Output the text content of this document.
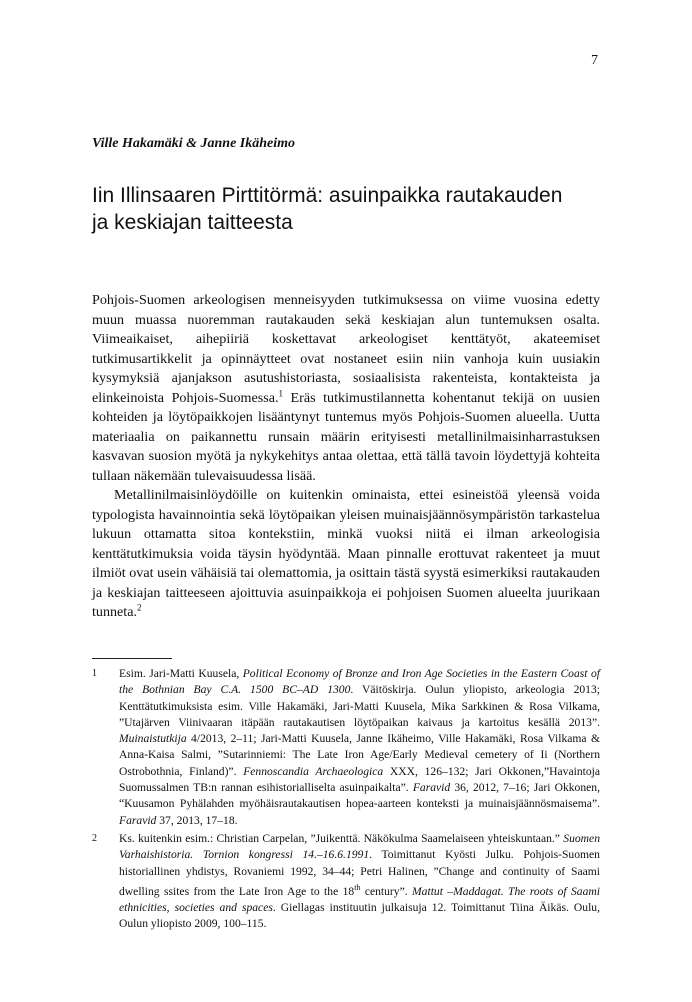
7
Ville Hakamäki & Janne Ikäheimo
Iin Illinsaaren Pirttitörmä: asuinpaikka rautakauden
ja keskiajan taitteesta

Pohjois-Suomen arkeologisen menneisyyden tutkimuksessa on viime vuosina edetty muun muassa nuoremman rautakauden sekä keskiajan alun tuntemuksen osalta. Viimeaikaiset, aihepiiriä koskettavat arkeologiset kenttätyöt, akateemiset tutkimusartikkelit ja opinnäytteet ovat nostaneet esiin niin vanhoja kuin uusiakin kysymyksiä ajanjakson asutushistoriasta, sosiaalisista rakenteista, kontakteista ja elinkeinoista Pohjois-Suomessa.$^1$ Eräs tutkimustilannetta kohentanut tekijä on uusien kohteiden ja löytöpaikkojen lisääntynyt tuntemus myös Pohjois-Suomen alueella. Uutta materiaalia on paikannettu runsain määrin erityisesti metallinilmaisinharrastuksen kasvavan suosion myötä ja nykykehitys antaa olettaa, että tällä tavoin löydettyjä kohteita tullaan näkemään tulevaisuudessa lisää.

Metallinilmaisinlöydöille on kuitenkin ominaista, ettei esineistöä yleensä voida typologista havainnointia sekä löytöpaikan yleisen muinaisjäännösympäristön tarkastelua lukuun ottamatta sitoa kontekstiin, minkä vuoksi niitä ei ilman arkeologisia kenttätutkimuksia voida täysin hyödyntää. Maan pinnalle erottuvat rakenteet ja muut ilmiöt ovat usein vähäisiä tai olemattomia, ja osittain tästä syystä esimerkiksi rautakauden ja keskiajan taitteeseen ajoittuvia asuinpaikkoja ei pohjoisen Suomen alueelta juurikaan tunneta.$^2$

1	Esim. Jari-Matti Kuusela, Political Economy of Bronze and Iron Age Societies in the Eastern Coast of the Bothnian Bay C.A. 1500 BC–AD 1300. Väitöskirja. Oulun yliopisto, arkeologia 2013; Kenttätutkimuksista esim. Ville Hakamäki, Jari-Matti Kuusela, Mika Sarkkinen & Rosa Vilkama, ”Utajärven Viinivaaran itäpään rautakautisen löytöpaikan kaivaus ja kartoitus kesällä 2013”. Muinaistutkija 4/2013, 2–11; Jari-Matti Kuusela, Janne Ikäheimo, Ville Hakamäki, Rosa Vilkama & Anna-Kaisa Salmi, ”Sutarinniemi: The Late Iron Age/Early Medieval cemetery of Ii (Northern Ostrobothnia, Finland)”. Fennoscandia Archaeologica XXX, 126–132; Jari Okkonen,”Havaintoja Suomussalmen TB:n rannan esihistorialliselta asuinpaikalta”. Faravid 36, 2012, 7–16; Jari Okkonen, “Kuusamon Pyhälahden myöhäisrautakautisen hopea-aarteen konteksti ja muinaisjäännösmaisema”. Faravid 37, 2013, 17–18.
2	Ks. kuitenkin esim.: Christian Carpelan, ”Juikenttä. Näkökulma Saamelaiseen yhteiskuntaan.” Suomen Varhaishistoria. Tornion kongressi 14.–16.6.1991. Toimittanut Kyösti Julku. Pohjois-Suomen historiallinen yhdistys, Rovaniemi 1992, 34–44; Petri Halinen, ”Change and continuity of Saami dwelling ssites from the Late Iron Age to the 18th century”. Mattut –Maddagat. The roots of Saami ethnicities, societies and spaces. Giellagas instituutin julkaisuja 12. Toimittanut Tiina Äikäs. Oulu, Oulun yliopisto 2009, 100–115.
